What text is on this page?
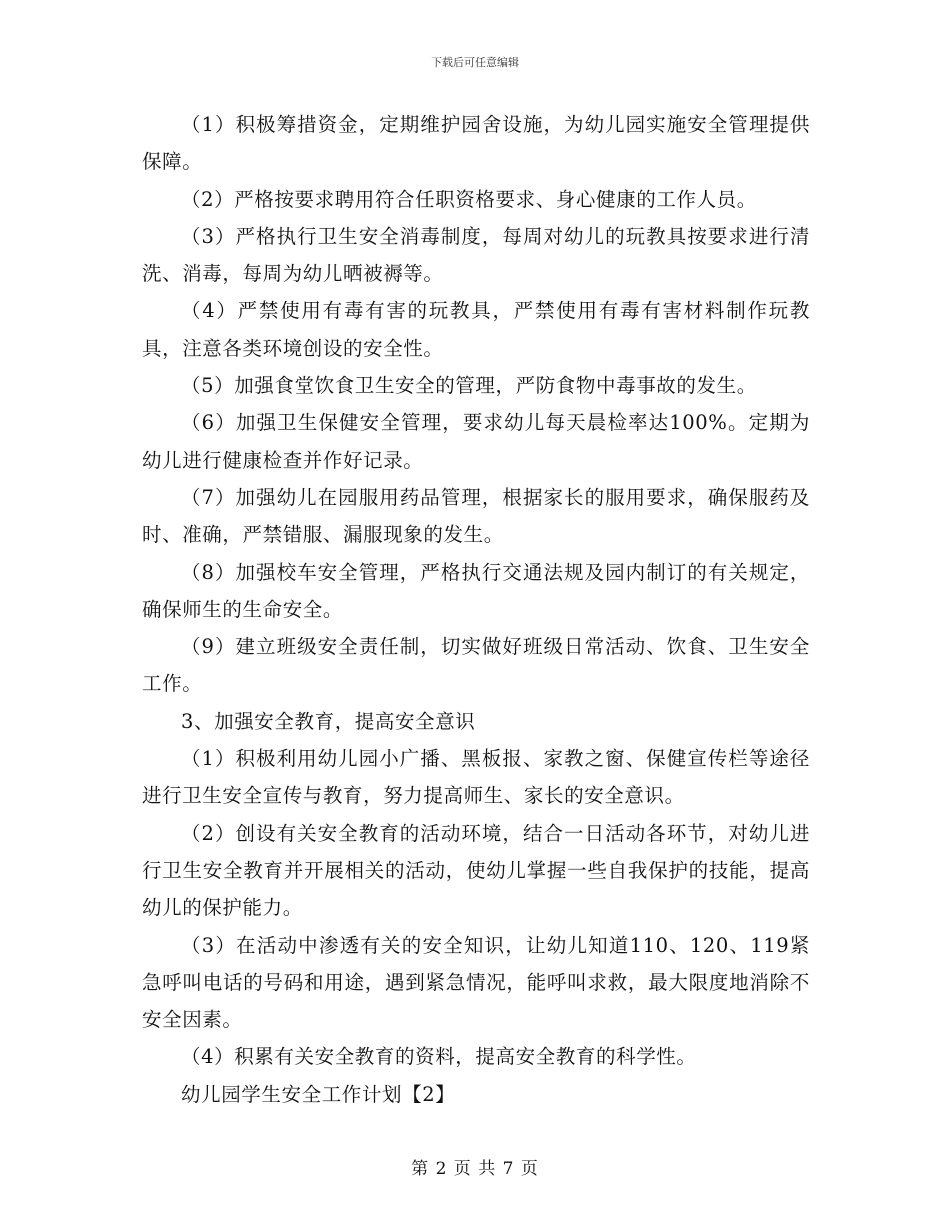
下载后可任意编辑

（1）积极筹措资金，定期维护园舍设施，为幼儿园实施安全管理提供保障。

（2）严格按要求聘用符合任职资格要求、身心健康的工作人员。

（3）严格执行卫生安全消毒制度，每周对幼儿的玩教具按要求进行清洗、消毒，每周为幼儿晒被褥等。

（4）严禁使用有毒有害的玩教具，严禁使用有毒有害材料制作玩教具，注意各类环境创设的安全性。

（5）加强食堂饮食卫生安全的管理，严防食物中毒事故的发生。

（6）加强卫生保健安全管理，要求幼儿每天晨检率达100%。定期为幼儿进行健康检查并作好记录。

（7）加强幼儿在园服用药品管理，根据家长的服用要求，确保服药及时、准确，严禁错服、漏服现象的发生。

（8）加强校车安全管理，严格执行交通法规及园内制订的有关规定，确保师生的生命安全。

（9）建立班级安全责任制，切实做好班级日常活动、饮食、卫生安全工作。

3、加强安全教育，提高安全意识

（1）积极利用幼儿园小广播、黑板报、家教之窗、保健宣传栏等途径进行卫生安全宣传与教育，努力提高师生、家长的安全意识。

（2）创设有关安全教育的活动环境，结合一日活动各环节，对幼儿进行卫生安全教育并开展相关的活动，使幼儿掌握一些自我保护的技能，提高幼儿的保护能力。

（3）在活动中渗透有关的安全知识，让幼儿知道110、120、119紧急呼叫电话的号码和用途，遇到紧急情况，能呼叫求救，最大限度地消除不安全因素。

（4）积累有关安全教育的资料，提高安全教育的科学性。

幼儿园学生安全工作计划【2】

第 2 页 共 7 页
